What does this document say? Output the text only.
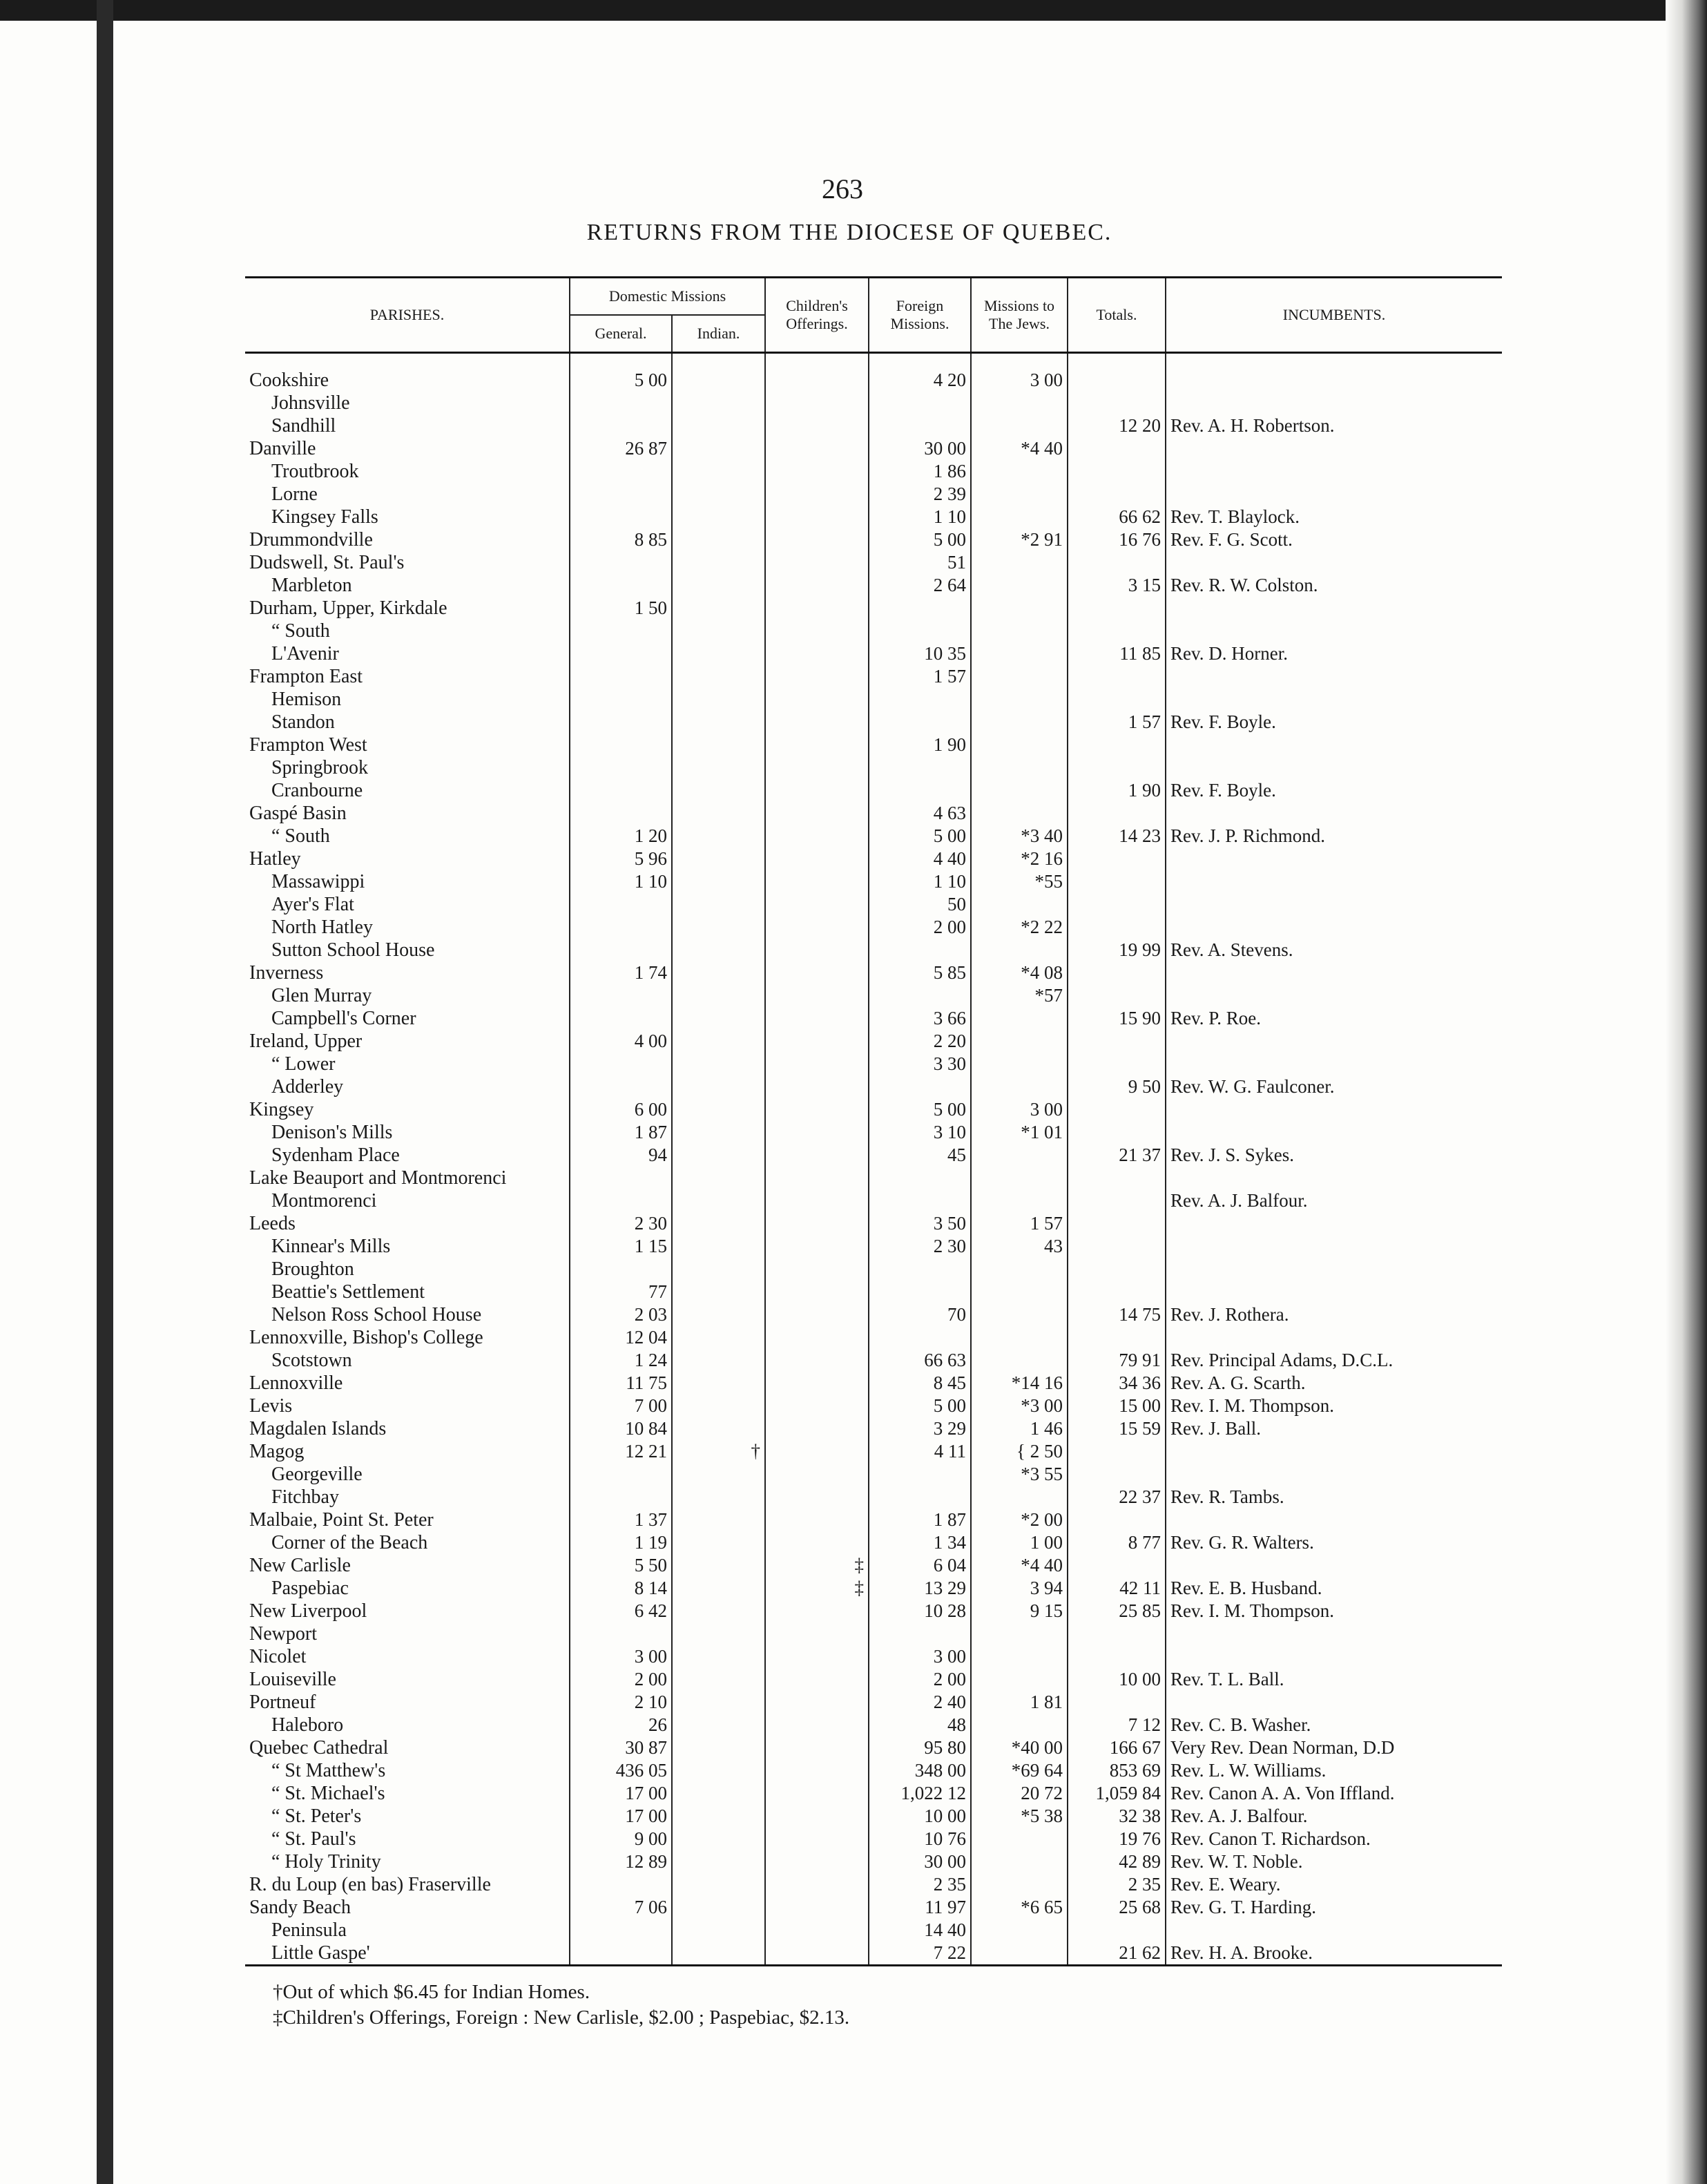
263
RETURNS FROM THE DIOCESE OF QUEBEC.
PARISHES.	Domestic Missions		Children's Offerings.	Foreign Missions.	Missions to The Jews.	Totals.	INCUMBENTS.
	General.	Indian.					

Cookshire	5 00			4 20	3 00		
Johnsville							
Sandhill						12 20	Rev. A. H. Robertson.
Danville	26 87			30 00	*4 40		
Troutbrook				1 86			
Lorne				2 39			
Kingsey Falls				1 10		66 62	Rev. T. Blaylock.
Drummondville	8 85			5 00	*2 91	16 76	Rev. F. G. Scott.
Dudswell, St. Paul's				51			
Marbleton				2 64		3 15	Rev. R. W. Colston.
Durham, Upper, Kirkdale	1 50						
“ South							
L'Avenir				10 35		11 85	Rev. D. Horner.
Frampton East				1 57			
Hemison							
Standon						1 57	Rev. F. Boyle.
Frampton West				1 90			
Springbrook							
Cranbourne						1 90	Rev. F. Boyle.
Gaspé Basin				4 63			
“ South	1 20			5 00	*3 40	14 23	Rev. J. P. Richmond.
Hatley	5 96			4 40	*2 16		
Massawippi	1 10			1 10	*55		
Ayer's Flat				50			
North Hatley				2 00	*2 22		
Sutton School House						19 99	Rev. A. Stevens.
Inverness	1 74			5 85	*4 08		
Glen Murray					*57		
Campbell's Corner				3 66		15 90	Rev. P. Roe.
Ireland, Upper	4 00			2 20			
“ Lower				3 30			
Adderley						9 50	Rev. W. G. Faulconer.
Kingsey	6 00			5 00	3 00		
Denison's Mills	1 87			3 10	*1 01		
Sydenham Place	94			45		21 37	Rev. J. S. Sykes.
Lake Beauport and Montmorenci							
Montmorenci							Rev. A. J. Balfour.
Leeds	2 30			3 50	1 57		
Kinnear's Mills	1 15			2 30	43		
Broughton							
Beattie's Settlement	77						
Nelson Ross School House	2 03			70		14 75	Rev. J. Rothera.
Lennoxville, Bishop's College	12 04						
Scotstown	1 24			66 63		79 91	Rev. Principal Adams, D.C.L.
Lennoxville	11 75			8 45	*14 16	34 36	Rev. A. G. Scarth.
Levis	7 00			5 00	*3 00	15 00	Rev. I. M. Thompson.
Magdalen Islands	10 84			3 29	1 46	15 59	Rev. J. Ball.
Magog	12 21	†		4 11	{ 2 50		
Georgeville					*3 55		
Fitchbay						22 37	Rev. R. Tambs.
Malbaie, Point St. Peter	1 37			1 87	*2 00		
Corner of the Beach	1 19			1 34	1 00	8 77	Rev. G. R. Walters.
New Carlisle	5 50		‡	6 04	*4 40		
Paspebiac	8 14		‡	13 29	3 94	42 11	Rev. E. B. Husband.
New Liverpool	6 42			10 28	9 15	25 85	Rev. I. M. Thompson.
Newport							
Nicolet	3 00			3 00			
Louiseville	2 00			2 00		10 00	Rev. T. L. Ball.
Portneuf	2 10			2 40	1 81		
Haleboro	26			48		7 12	Rev. C. B. Washer.
Quebec Cathedral	30 87			95 80	*40 00	166 67	Very Rev. Dean Norman, D.D
“ St Matthew's	436 05			348 00	*69 64	853 69	Rev. L. W. Williams.
“ St. Michael's	17 00			1,022 12	20 72	1,059 84	Rev. Canon A. A. Von Iffland.
“ St. Peter's	17 00			10 00	*5 38	32 38	Rev. A. J. Balfour.
“ St. Paul's	9 00			10 76		19 76	Rev. Canon T. Richardson.
“ Holy Trinity	12 89			30 00		42 89	Rev. W. T. Noble.
R. du Loup (en bas) Fraserville				2 35		2 35	Rev. E. Weary.
Sandy Beach	7 06			11 97	*6 65	25 68	Rev. G. T. Harding.
Peninsula				14 40			
Little Gaspe'				7 22		21 62	Rev. H. A. Brooke.
†Out of which $6.45 for Indian Homes.
‡Children's Offerings, Foreign : New Carlisle, $2.00 ; Paspebiac, $2.13.
